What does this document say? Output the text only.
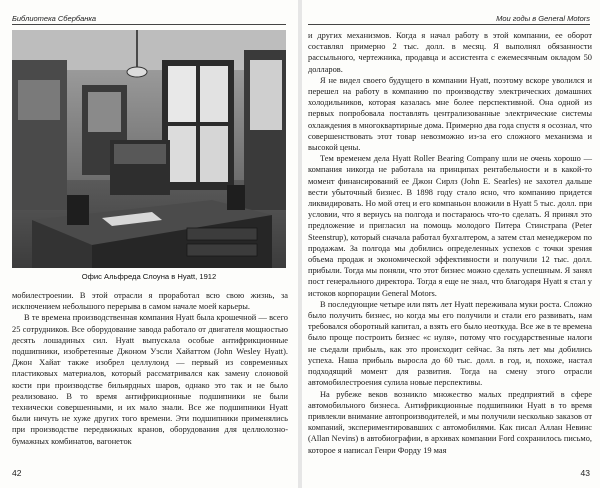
Библиотека Сбербанка
Офис Альфреда Слоуна в Hyatt, 1912

мобилестроении. В этой отрасли я проработал всю свою жизнь, за исключением небольшого перерыва в самом начале моей карьеры.

В те времена производственная компания Hyatt была крошечной — всего 25 сотрудников. Все оборудование завода работало от двигателя мощностью десять лошадиных сил. Hyatt выпускала особые антифрикционные подшипники, изобретенные Джоном Уэсли Хайаттом (John Wesley Hyatt). Джон Хайат также изобрел целлулоид — первый из современных пластиковых материалов, который рассматривался как замену слоновой кости при производстве бильярдных шаров, однако это так и не было реализовано. В то время антифрикционные подшипники не были технически совершенными, и их мало знали. Все же подшипники Hyatt были ничуть не хуже других того времени. Эти подшипники применялись при производстве передвижных кранов, оборудования для целлюлозно-бумажных комбинатов, вагонеток

42
Мои годы в General Motors

и других механизмов. Когда я начал работу в этой компании, ее оборот составлял примерно 2 тыс. долл. в месяц. Я выполнял обязанности рассыльного, чертежника, продавца и ассистента с ежемесячным окладом 50 долларов.

Я не видел своего будущего в компании Hyatt, поэтому вскоре уволился и перешел на работу в компанию по производству электрических домашних холодильников, которая казалась мне более перспективной. Она одной из первых попробовала поставлять централизованные электрические системы охлаждения в многоквартирные дома. Примерно два года спустя я осознал, что совершенствовать этот товар невозможно из-за его сложного механизма и высокой цены.

Тем временем дела Hyatt Roller Bearing Company шли не очень хорошо — компания никогда не работала на принципах рентабельности и в какой-то момент финансирований ее Джон Сирлз (John E. Searles) не захотел дальше вести убыточный бизнес. В 1898 году стало ясно, что компанию придется ликвидировать. Но мой отец и его компаньон вложили в Hyatt 5 тыс. долл. при условии, что я вернусь на полгода и постараюсь что-то сделать. Я принял это предложение и пригласил на помощь молодого Питера Стинстрапа (Peter Steenstrup), который сначала работал бухгалтером, а затем стал менеджером по продажам. За полгода мы добились определенных успехов с точки зрения объема продаж и экономической эффективности и получили 12 тыс. долл. прибыли. Тогда мы поняли, что этот бизнес можно сделать успешным. Я занял пост генерального директора. Тогда я еще не знал, что благодаря Hyatt я стал у истоков корпорации General Motors.

В последующие четыре или пять лет Hyatt переживала муки роста. Сложно было получить бизнес, но когда мы его получили и стали его развивать, нам требовался оборотный капитал, а взять его было неоткуда. Все же в те времена было проще построить бизнес «с нуля», потому что государственные налоги не съедали прибыль, как это происходит сейчас. За пять лет мы добились успеха. Наша прибыль выросла до 60 тыс. долл. в год, и, похоже, настал подходящий момент для развития. Тогда на смену этого отрасли автомобилестроения сулила новые перспективы.

На рубеже веков возникло множество малых предприятий в сфере автомобильного бизнеса. Антифрикционные подшипники Hyatt в то время привлекли внимание автопроизводителей, и мы получили несколько заказов от компаний, экспериментировавших с автомобилями. Как писал Аллан Невинс (Allan Nevins) в автобиографии, в архивах компании Ford сохранилось письмо, которое я написал Генри Форду 19 мая

43
